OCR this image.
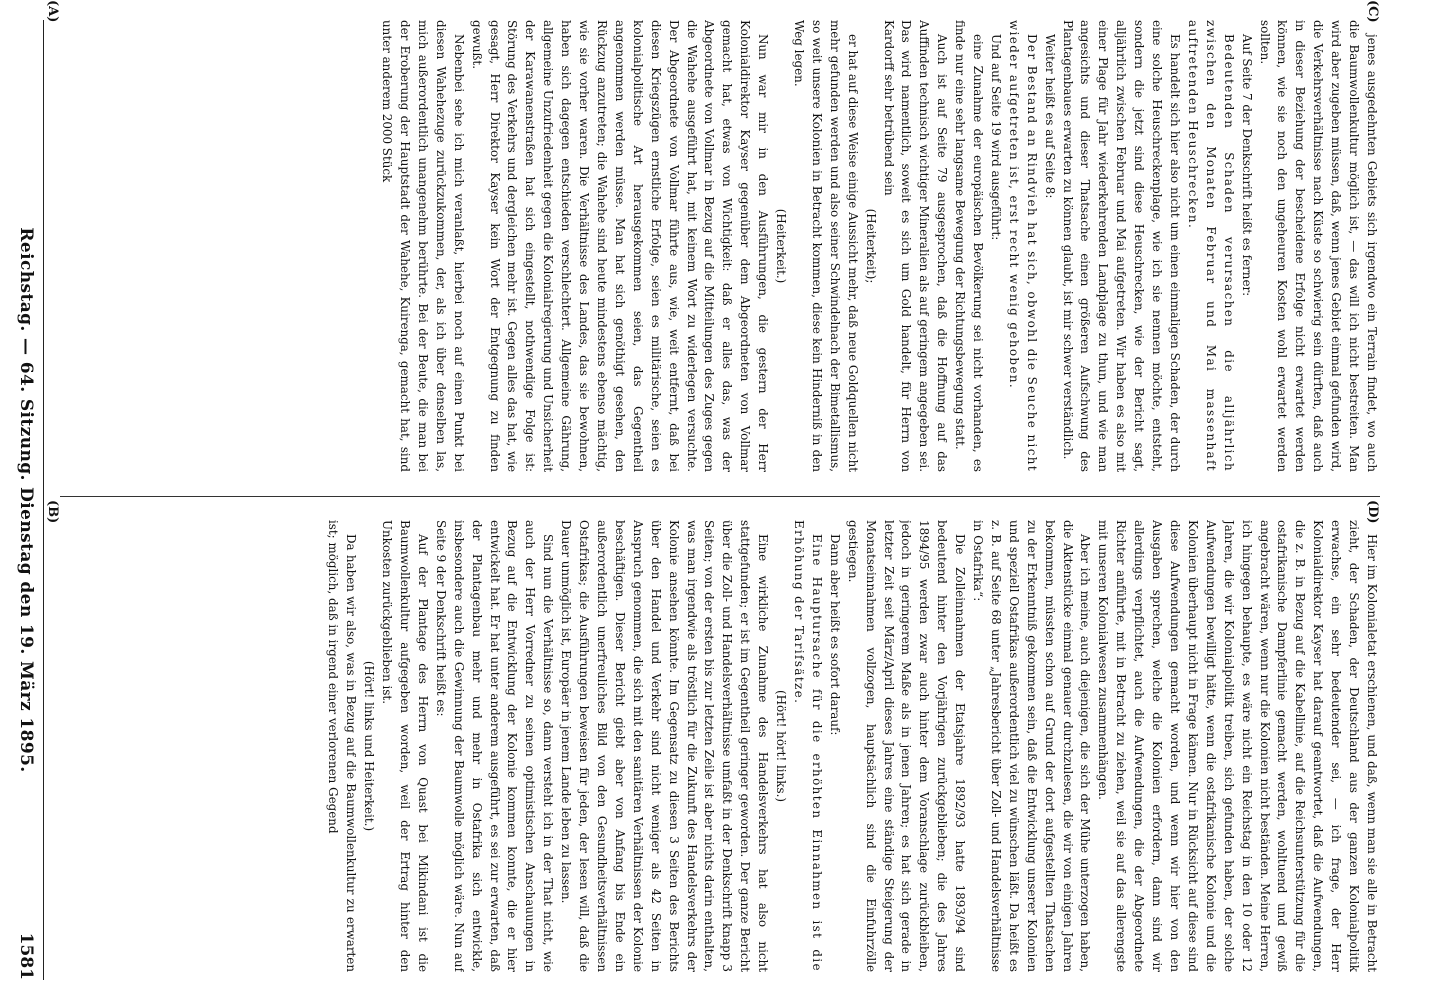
Reichstag. — 64. Sitzung. Dienstag den 19. März 1895.
1581
(A)
(B)
(C)
(D)

Hier im Kolonialetat erschienen, und daß, wenn man sie alle in Betracht zieht, der Schaden, der Deutschland aus der ganzen Kolonialpolitik erwachse, ein sehr bedeutender sei, — ich frage, der Herr Kolonialdirektor Kayser hat darauf geantwortet, daß die Aufwendungen, die z. B. in Bezug auf die Kabellinie, auf die Reichsunterstützung für die ostafrikanische Dampferlinie gemacht werden, wohltuend und gewiß angebracht wären, wenn nur die Kolonien nicht beständen. Meine Herren, ich hingegen behaupte, es wäre nicht ein Reichstag in den 10 oder 12 Jahren, die wir Kolonialpolitik treiben, sich gefunden haben, der solche Aufwendungen bewilligt hätte, wenn die ostafrikanische Kolonie und die Kolonien überhaupt nicht in Frage kämen. Nur in Rücksicht auf diese sind diese Aufwendungen gemacht worden, und wenn wir hier von den Ausgaben sprechen, welche die Kolonien erfordern, dann sind wir allerdings verpflichtet, auch die Aufwendungen, die der Abgeordnete Richter anführte, mit in Betracht zu ziehen, weil sie auf das allerengste mit unseren Kolonialwesen zusammenhängen.

Aber ich meine, auch diejenigen, die sich der Mühe unterzogen haben, die Aktenstücke einmal genauer durchzulesen, die wir von einigen Jahren bekommen, müssten schon auf Grund der dort aufgestellten Thatsachen zu der Erkenntniß gekommen sein, daß die Entwicklung unserer Kolonien und speziell Ostafrikas außerordentlich viel zu wünschen läßt. Da heißt es z. B. auf Seite 68 unter „Jahresbericht über Zoll- und Handelsverhältnisse in Ostafrika“:

Die Zolleinnahmen der Etatsjahre 1892/93 hatte 1893/94 sind bedeutend hinter den Vorjährigen zurückgeblieben; die des Jahres 1894/95 werden zwar auch hinter dem Voranschlage zurückbleiben, jedoch in geringerem Maße als in jenen Jahren; es hat sich gerade in letzter Zeit seit März/April dieses Jahres eine ständige Steigerung der Monatseinnahmen vollzogen, hauptsächlich sind die Einfuhrzölle gestiegen.

Dann aber heißt es sofort darauf:

Eine Hauptursache für die erhöhten Einnahmen ist die Erhöhung der Tarifsätze.

(Hört! hört! links.)

Eine wirkliche Zunahme des Handelsverkehrs hat also nicht stattgefunden; er ist im Gegentheil geringer geworden. Der ganze Bericht über die Zoll- und Handelsverhältnisse umfaßt in der Denkschrift knapp 3 Seiten; von der ersten bis zur letzten Zeile ist aber nichts darin enthalten, was man irgendwie als tröstlich für die Zukunft des Handelsverkehrs der Kolonie ansehen könnte. Im Gegensatz zu diesen 3 Seiten des Berichts über den Handel und Verkehr sind nicht weniger als 42 Seiten in Anspruch genommen, die sich mit den sanitären Verhältnissen der Kolonie beschäftigen. Dieser Bericht giebt aber von Anfang bis Ende ein außerordentlich unerfreuliches Bild von den Gesundheitsverhältnissen Ostafrikas; die Ausführungen beweisen für jeden, der lesen will, daß die Dauer unmöglich ist, Europäer in jenem Lande leben zu lassen.

Sind nun die Verhältnisse so, dann versteht ich in der That nicht, wie auch der Herr Vorredner zu seinen optimistischen Anschauungen in Bezug auf die Entwicklung der Kolonie kommen konnte, die er hier entwickelt hat. Er hat unter anderem ausgeführt, es sei zur erwarten, daß der Plantagenbau mehr und mehr in Ostafrika sich entwickle, insbesondere auch die Gewinnung der Baumwolle möglich wäre. Nun auf Seite 9 der Denkschrift heißt es:

Auf der Plantage des Herrn von Quast bei Mikindani ist die Baumwollenkultur aufgegeben worden, weil der Ertrag hinter den Unkosten zurückgeblieben ist.

(Hört! links und Heiterkeit.)

Da haben wir also, was in Bezug auf die Baumwollenkultur zu erwarten ist; möglich, daß in irgend einer verlorenen Gegend

jenes ausgedehnten Gebiets sich irgendwo ein Terrain findet, wo auch die Baumwollenkultur möglich ist, — das will ich nicht bestreiten. Man wird aber zugeben müssen, daß, wenn jenes Gebiet einmal gefunden wird, die Verkehrsverhältnisse nach Küste so schwierig sein dürften, daß auch in dieser Beziehung der bescheidene Erfolge nicht erwartet werden können, wie sie noch den ungeheuren Kosten wohl erwartet werden sollten.

Auf Seite 7 der Denkschrift heißt es ferner:

Bedeutenden Schaden verursachen die alljährlich zwischen den Monaten Februar und Mai massenhaft auftretenden Heuschrecken.

Es handelt sich hier also nicht um einen einmaligen Schaden, der durch eine solche Heuschreckenplage, wie ich sie nennen möchte, entsteht, sondern die jetzt sind diese Heuschrecken, wie der Bericht sagt, alljährlich zwischen Februar und Mai aufgetreten. Wir haben es also mit einer Plage für Jahr wiederkehrenden Landplage zu thun, und wie man angesichts und dieser Thatsache einen größeren Aufschwung des Plantagenbaues erwarten zu können glaubt, ist mir schwer verständlich.

Weiter heißt es auf Seite 8:

Der Bestand an Rindvieh hat sich, obwohl die Seuche nicht wieder aufgetreten ist, erst recht wenig gehoben.

Und auf Seite 19 wird ausgeführt:

eine Zunahme der europäischen Bevölkerung sei nicht vorhanden, es finde nur eine sehr langsame Bewegung der Richtungsbewegung statt.

Auch ist auf Seite 79 ausgesprochen, daß die Hoffnung auf das Auffinden technisch wichtiger Mineralien als auf geringem angegeben sei. Das wird namentlich, soweit es sich um Gold handelt, für Herrn von Kardorff sehr betrübend sein

(Heiterkeit);

er hat auf diese Weise einige Aussicht mehr, daß neue Goldquellen nicht mehr gefunden werden und also seiner Schwindelnach der Bimetallismus, so weit unsere Kolonien in Betracht kommen, diese kein Hinderniß in den Weg legen.

(Heiterkeit.)

Nun war mir in den Ausführungen, die gestern der Herr Kolonialdirektor Kayser gegenüber dem Abgeordneten von Vollmar gemacht hat, etwas von Wichtigkeit: daß er alles das, was der Abgeordnete von Vollmar in Bezug auf die Mitteilungen des Zuges gegen die Wahehe ausgeführt hat, mit keinem Wort zu widerlegen versuchte. Der Abgeordnete von Vollmar führte aus, wie, weit entfernt, daß bei diesen Kriegszügen ernstliche Erfolge, seien es militärische, seien es kolonialpolitische Art herausgekommen seien, das Gegentheil angenommen werden müsse. Man hat sich genöthigt gesehen, den Rückzug anzutreten; die Wahehe sind heute mindestens ebenso mächtig, wie sie vorher waren. Die Verhältnisse des Landes, das sie bewohnen, haben sich dagegen entschieden verschlechtert. Allgemeine Gährung, allgemeine Unzufriedenheit gegen die Kolonialregierung und Unsicherheit der Karawanenstraßen hat sich eingestellt, nothwendige Folge ist: Störung des Verkehrs und dergleichen mehr ist. Gegen alles das hat, wie gesagt, Herr Direktor Kayser kein Wort der Entgegnung zu finden gewußt.

Nebenbei sehe ich mich veranlaßt, hierbei noch auf einen Punkt bei diesen Wahehezuge zurückzukommen, der, als ich über denselben las, mich außerordentlich unangenehm berührte. Bei der Beute, die man bei der Eroberung der Hauptstadt der Wahehe, Kuirenga, gemacht hat, sind unter anderem 2000 Stück
